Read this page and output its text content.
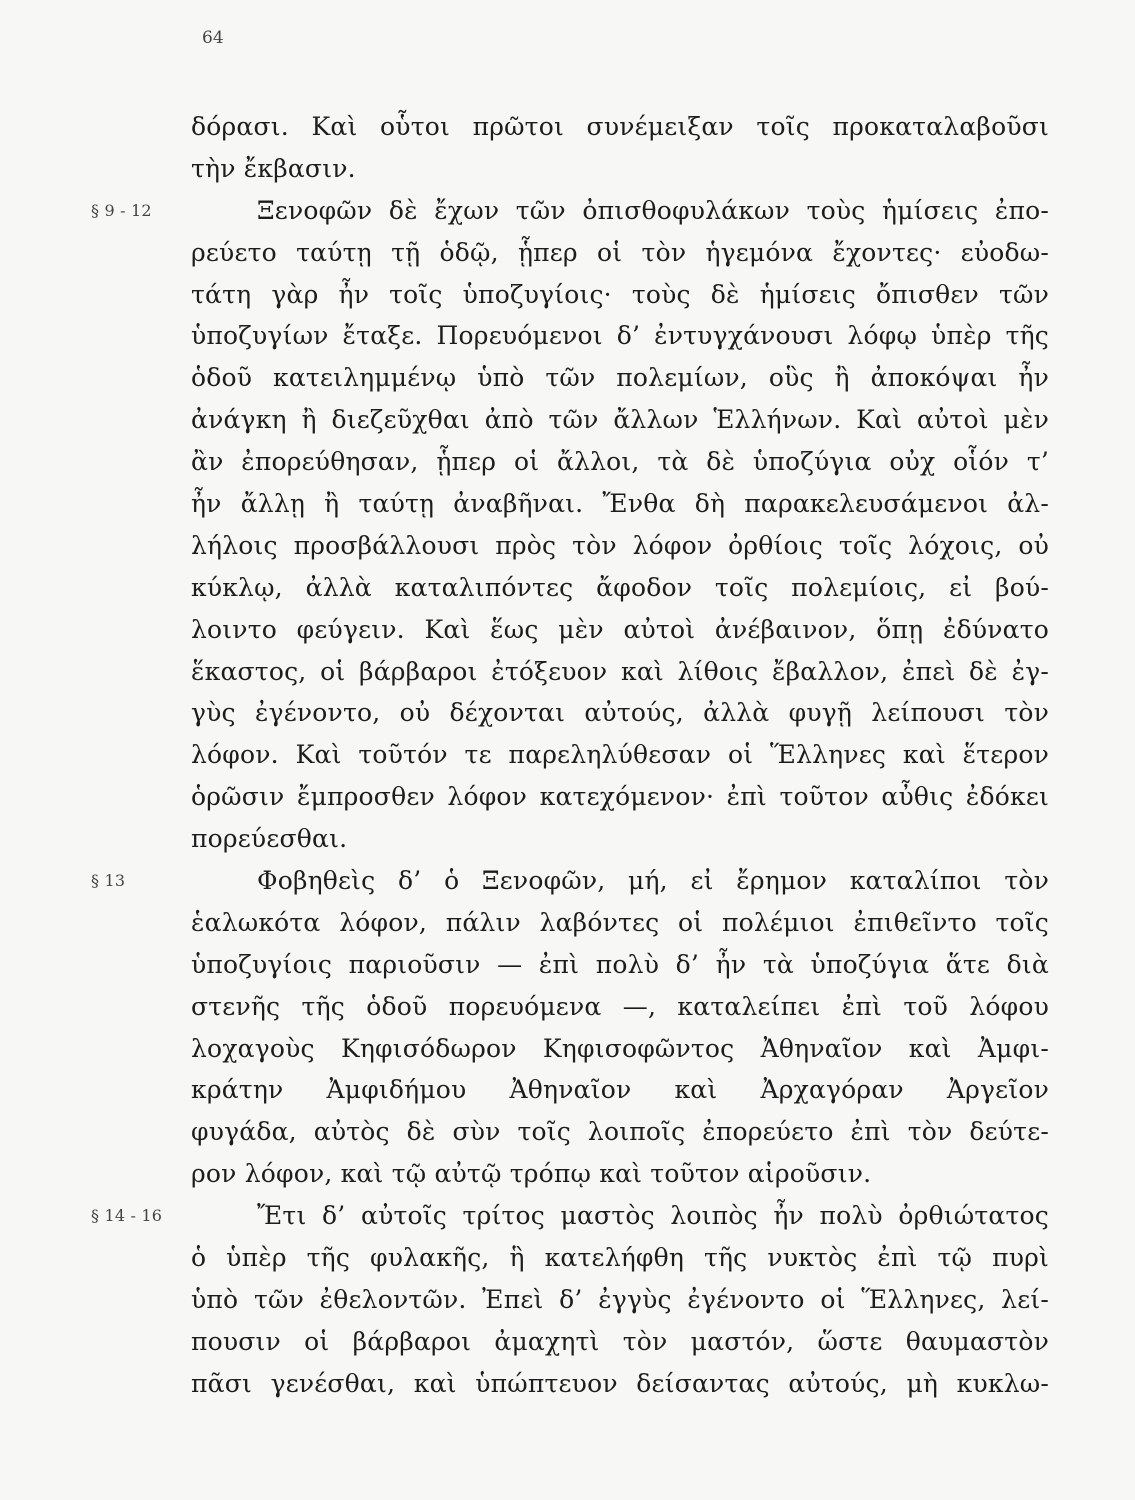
64
δόρασι. Καὶ οὗτοι πρῶτοι συνέμειξαν τοῖς προκαταλαβοῦσι
τὴν ἔκβασιν.
§ 9 - 12	Ξενοφῶν δὲ ἔχων τῶν ὀπισθοφυλάκων τοὺς ἡμίσεις ἐπο-
ρεύετο ταύτῃ τῇ ὁδῷ, ᾗπερ οἱ τὸν ἡγεμόνα ἔχοντες· εὐοδω-
τάτη γὰρ ἦν τοῖς ὑποζυγίοις· τοὺς δὲ ἡμίσεις ὄπισθεν τῶν
ὑποζυγίων ἔταξε. Πορευόμενοι δ’ ἐντυγχάνουσι λόφῳ ὑπὲρ τῆς
ὁδοῦ κατειλημμένῳ ὑπὸ τῶν πολεμίων, οὓς ἢ ἀποκόψαι ἦν
ἀνάγκη ἢ διεζεῦχθαι ἀπὸ τῶν ἄλλων Ἑλλήνων. Καὶ αὐτοὶ μὲν
ἂν ἐπορεύθησαν, ᾗπερ οἱ ἄλλοι, τὰ δὲ ὑποζύγια οὐχ οἷόν τ’
ἦν ἄλλῃ ἢ ταύτῃ ἀναβῆναι. Ἔνθα δὴ παρακελευσάμενοι ἀλ-
λήλοις προσβάλλουσι πρὸς τὸν λόφον ὀρθίοις τοῖς λόχοις, οὐ
κύκλῳ, ἀλλὰ καταλιπόντες ἄφοδον τοῖς πολεμίοις, εἰ βού-
λοιντο φεύγειν. Καὶ ἕως μὲν αὐτοὶ ἀνέβαινον, ὅπῃ ἐδύνατο
ἕκαστος, οἱ βάρβαροι ἐτόξευον καὶ λίθοις ἔβαλλον, ἐπεὶ δὲ ἐγ-
γὺς ἐγένοντο, οὐ δέχονται αὐτούς, ἀλλὰ φυγῇ λείπουσι τὸν
λόφον. Καὶ τοῦτόν τε παρεληλύθεσαν οἱ Ἕλληνες καὶ ἕτερον
ὁρῶσιν ἔμπροσθεν λόφον κατεχόμενον· ἐπὶ τοῦτον αὖθις ἐδόκει
πορεύεσθαι.
§ 13	Φοβηθεὶς δ’ ὁ Ξενοφῶν, μή, εἰ ἔρημον καταλίποι τὸν
ἑαλωκότα λόφον, πάλιν λαβόντες οἱ πολέμιοι ἐπιθεῖντο τοῖς
ὑποζυγίοις παριοῦσιν — ἐπὶ πολὺ δ’ ἦν τὰ ὑποζύγια ἅτε διὰ
στενῆς τῆς ὁδοῦ πορευόμενα —, καταλείπει ἐπὶ τοῦ λόφου
λοχαγοὺς Κηφισόδωρον Κηφισοφῶντος Ἀθηναῖον καὶ Ἀμφι-
κράτην Ἀμφιδήμου Ἀθηναῖον καὶ Ἀρχαγόραν Ἀργεῖον
φυγάδα, αὐτὸς δὲ σὺν τοῖς λοιποῖς ἐπορεύετο ἐπὶ τὸν δεύτε-
ρον λόφον, καὶ τῷ αὐτῷ τρόπῳ καὶ τοῦτον αἱροῦσιν.
§ 14 - 16	Ἔτι δ’ αὐτοῖς τρίτος μαστὸς λοιπὸς ἦν πολὺ ὀρθιώτατος
ὁ ὑπὲρ τῆς φυλακῆς, ἣ κατελήφθη τῆς νυκτὸς ἐπὶ τῷ πυρὶ
ὑπὸ τῶν ἐθελοντῶν. Ἐπεὶ δ’ ἐγγὺς ἐγένοντο οἱ Ἕλληνες, λεί-
πουσιν οἱ βάρβαροι ἀμαχητὶ τὸν μαστόν, ὥστε θαυμαστὸν
πᾶσι γενέσθαι, καὶ ὑπώπτευον δείσαντας αὐτούς, μὴ κυκλω-
